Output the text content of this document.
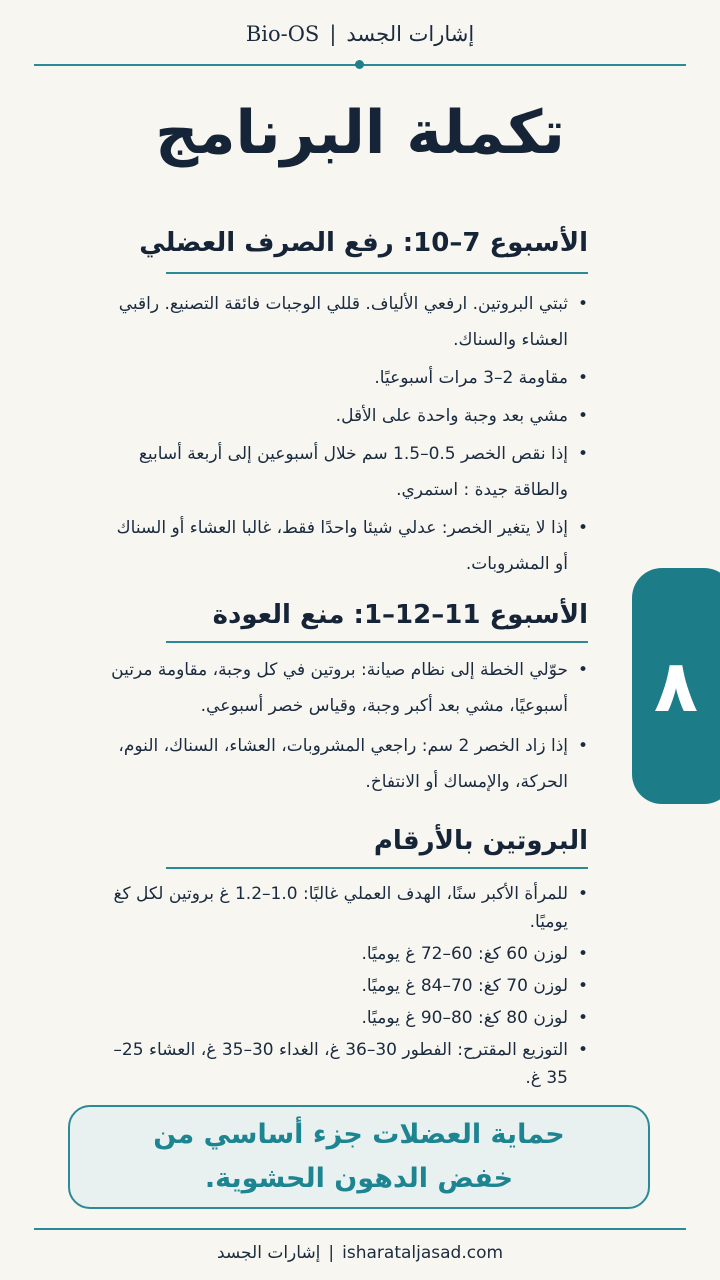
Bio-OS | إشارات الجسد
تكملة البرنامج
الأسبوع 7–10: رفع الصرف العضلي
• ثبتي البروتين. ارفعي الألياف. قللي الوجبات فائقة التصنيع. راقبي العشاء والسناك.
• مقاومة 2–3 مرات أسبوعيًا.
• مشي بعد وجبة واحدة على الأقل.
• إذا نقص الخصر 0.5–1.5 سم خلال أسبوعين إلى أربعة أسابيع والطاقة جيدة : استمري.
• إذا لا يتغير الخصر: عدلي شيئا واحدًا فقط، غالبا العشاء أو السناك أو المشروبات.
الأسبوع 11–12–1: منع العودة
• حوّلي الخطة إلى نظام صيانة: بروتين في كل وجبة، مقاومة مرتين أسبوعيًا، مشي بعد أكبر وجبة، وقياس خصر أسبوعي.
• إذا زاد الخصر 2 سم: راجعي المشروبات، العشاء، السناك، النوم، الحركة، والإمساك أو الانتفاخ.
البروتين بالأرقام
• للمرأة الأكبر سنًا، الهدف العملي غالبًا: 1.0–1.2 غ بروتين لكل كغ يوميًا.
• لوزن 60 كغ: 60–72 غ يوميًا.
• لوزن 70 كغ: 70–84 غ يوميًا.
• لوزن 80 كغ: 80–90 غ يوميًا.
• التوزيع المقترح: الفطور 30–36 غ، الغداء 30–35 غ، العشاء 25–35 غ.
٨
حماية العضلات جزء أساسي من
خفض الدهون الحشوية.
إشارات الجسد | isharataljasad.com
